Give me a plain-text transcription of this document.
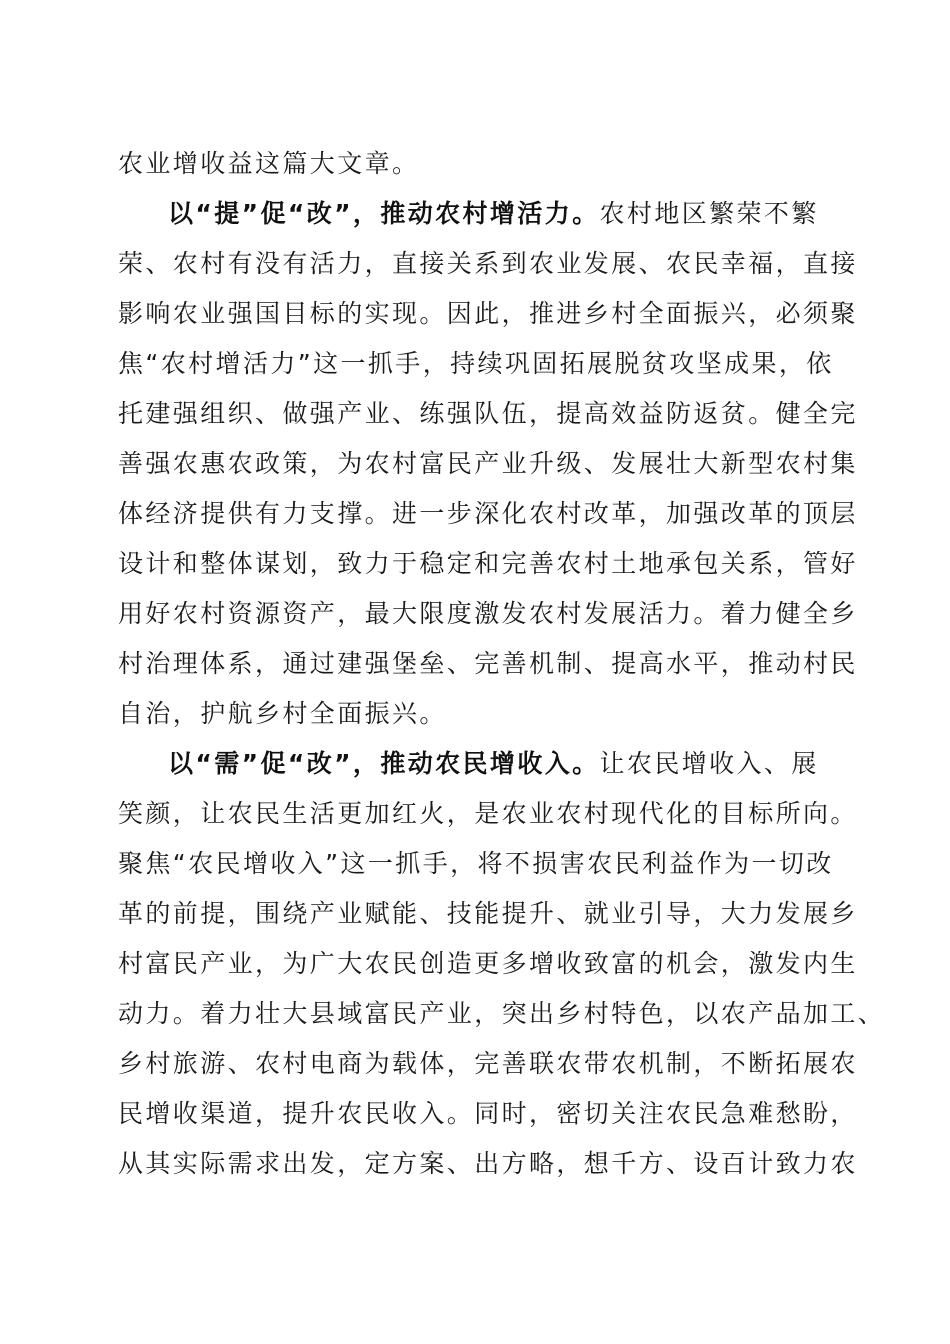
农业增收益这篇大文章。
以“提”促“改”，推动农村增活力。农村地区繁荣不繁
荣、农村有没有活力，直接关系到农业发展、农民幸福，直接
影响农业强国目标的实现。因此，推进乡村全面振兴，必须聚
焦“农村增活力”这一抓手，持续巩固拓展脱贫攻坚成果，依
托建强组织、做强产业、练强队伍，提高效益防返贫。健全完
善强农惠农政策，为农村富民产业升级、发展壮大新型农村集
体经济提供有力支撑。进一步深化农村改革，加强改革的顶层
设计和整体谋划，致力于稳定和完善农村土地承包关系，管好
用好农村资源资产，最大限度激发农村发展活力。着力健全乡
村治理体系，通过建强堡垒、完善机制、提高水平，推动村民
自治，护航乡村全面振兴。
以“需”促“改”，推动农民增收入。让农民增收入、展
笑颜，让农民生活更加红火，是农业农村现代化的目标所向。
聚焦“农民增收入”这一抓手，将不损害农民利益作为一切改
革的前提，围绕产业赋能、技能提升、就业引导，大力发展乡
村富民产业，为广大农民创造更多增收致富的机会，激发内生
动力。着力壮大县域富民产业，突出乡村特色，以农产品加工、
乡村旅游、农村电商为载体，完善联农带农机制，不断拓展农
民增收渠道，提升农民收入。同时，密切关注农民急难愁盼，
从其实际需求出发，定方案、出方略，想千方、设百计致力农
